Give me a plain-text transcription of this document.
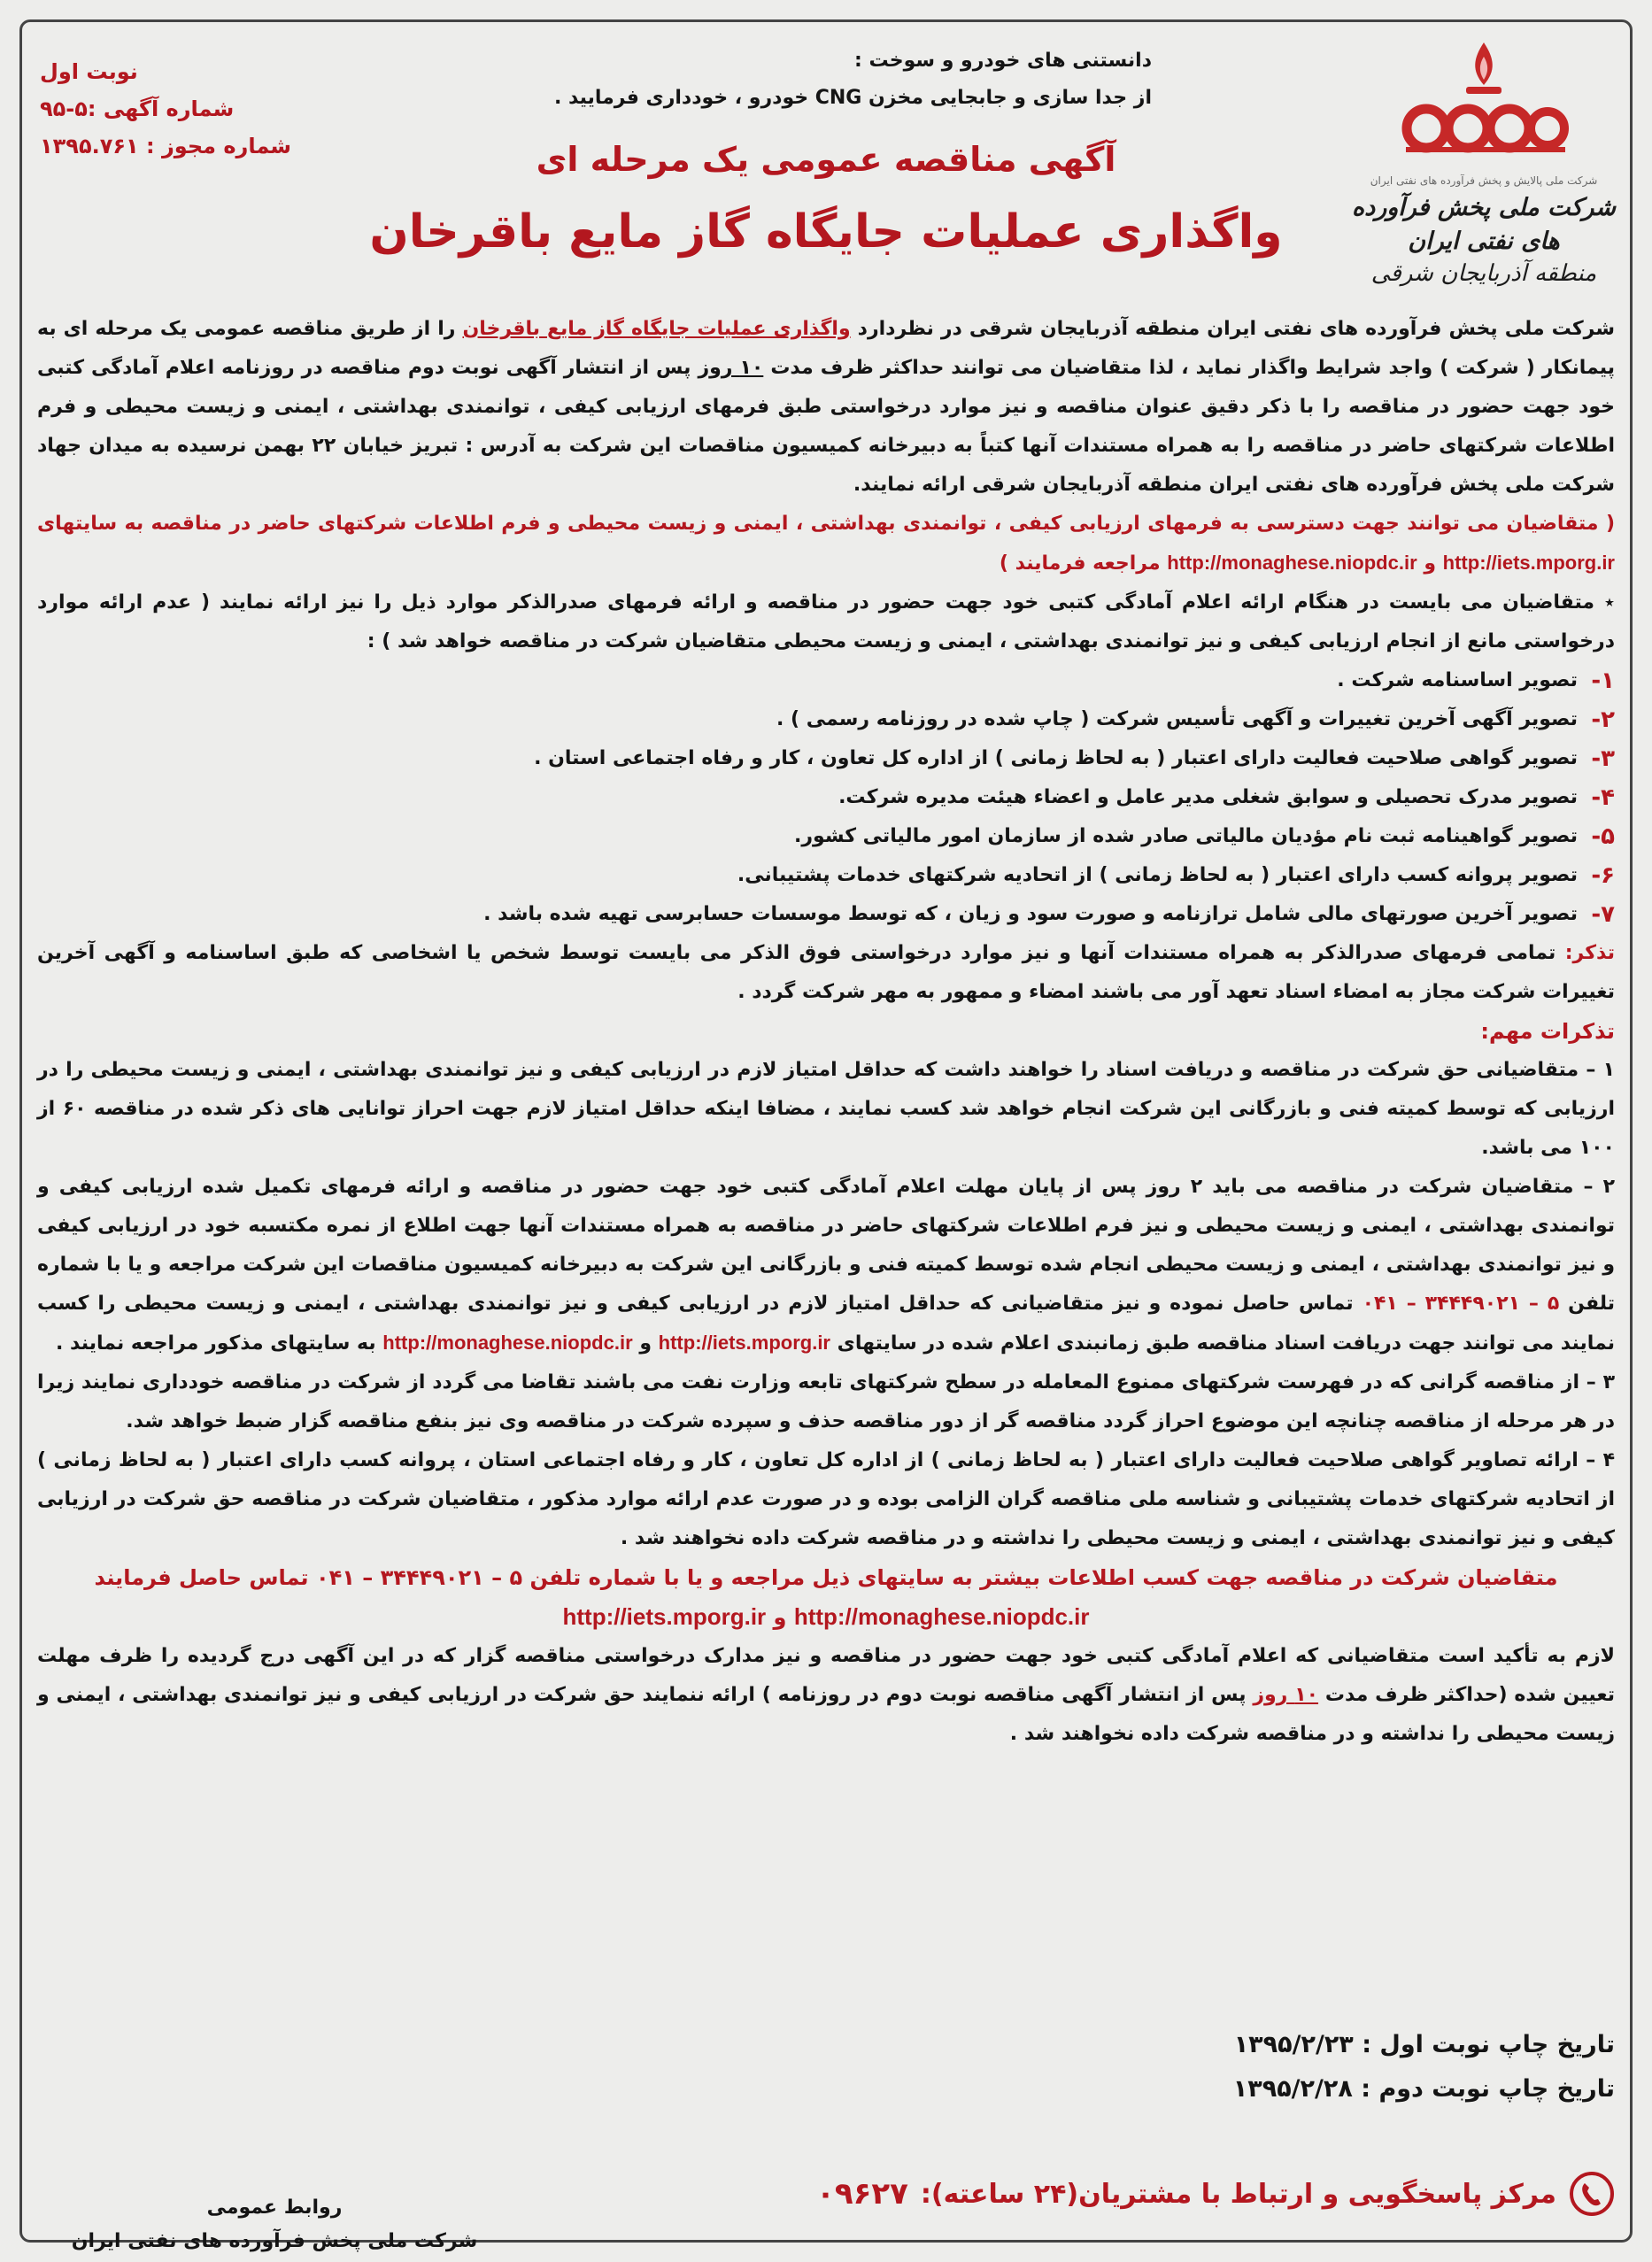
شرکت ملی پالایش و پخش فرآورده های نفتی ایران
شرکت ملی پخش فرآورده های نفتی ایران
منطقه آذربایجان شرقی
دانستنی های خودرو و سوخت :
از جدا سازی و جابجایی مخزن CNG خودرو ، خودداری فرمایید .
نوبت اول
شماره آگهی :۵-۹۵
شماره مجوز : ۱۳۹۵.۷۶۱	آگهی مناقصه عمومی یک مرحله ای
واگذاری عملیات جایگاه گاز مایع باقرخان

شرکت ملی پخش فرآورده های نفتی ایران منطقه آذربایجان شرقی در نظردارد واگذاری عملیات جایگاه گاز مایع باقرخان را از طریق مناقصه عمومی یک مرحله ای به پیمانکار ( شرکت ) واجد شرایط واگذار نماید ، لذا متقاضیان می توانند حداکثر ظرف مدت ۱۰ روز پس از انتشار آگهی نوبت دوم مناقصه در روزنامه اعلام آمادگی کتبی خود جهت حضور در مناقصه را با ذکر دقیق عنوان مناقصه و نیز موارد درخواستی طبق فرمهای ارزیابی کیفی ، توانمندی بهداشتی ، ایمنی و زیست محیطی و فرم اطلاعات شرکتهای حاضر در مناقصه را به همراه مستندات آنها کتباً به دبیرخانه کمیسیون مناقصات این شرکت به آدرس : تبریز خیابان ۲۲ بهمن نرسیده به میدان جهاد شرکت ملی پخش فرآورده های نفتی ایران منطقه آذربایجان شرقی ارائه نمایند.

( متقاضیان می توانند جهت دسترسی به فرمهای ارزیابی کیفی ، توانمندی بهداشتی ، ایمنی و زیست محیطی و فرم اطلاعات شرکتهای حاضر در مناقصه به سایتهای http://iets.mporg.ir و http://monaghese.niopdc.ir مراجعه فرمایند )

٭ متقاضیان می بایست در هنگام ارائه اعلام آمادگی کتبی خود جهت حضور در مناقصه و ارائه فرمهای صدرالذکر موارد ذیل را نیز ارائه نمایند ( عدم ارائه موارد درخواستی مانع از انجام ارزیابی کیفی و نیز توانمندی بهداشتی ، ایمنی و زیست محیطی متقاضیان شرکت در مناقصه خواهد شد ) :

۱-
تصویر اساسنامه شرکت .
۲-
تصویر آگهی آخرین تغییرات و آگهی تأسیس شرکت ( چاپ شده در روزنامه رسمی ) .
۳-
تصویر گواهی صلاحیت فعالیت دارای اعتبار ( به لحاظ زمانی ) از اداره کل تعاون ، کار و رفاه اجتماعی استان .
۴-
تصویر مدرک تحصیلی و سوابق شغلی مدیر عامل و اعضاء هیئت مدیره شرکت.
۵-
تصویر گواهینامه ثبت نام مؤدیان مالیاتی صادر شده از سازمان امور مالیاتی کشور.
۶-
تصویر پروانه کسب دارای اعتبار ( به لحاظ زمانی ) از اتحادیه شرکتهای خدمات پشتیبانی.
۷-
تصویر آخرین صورتهای مالی شامل ترازنامه و صورت سود و زیان ، که توسط موسسات حسابرسی تهیه شده باشد .

تذکر: تمامی فرمهای صدرالذکر به همراه مستندات آنها و نیز موارد درخواستی فوق الذکر می بایست توسط شخص یا اشخاصی که طبق اساسنامه و آگهی آخرین تغییرات شرکت مجاز به امضاء اسناد تعهد آور می باشند امضاء و ممهور به مهر شرکت گردد .

تذکرات مهم:

۱ – متقاضیانی حق شرکت در مناقصه و دریافت اسناد را خواهند داشت که حداقل امتیاز لازم در ارزیابی کیفی و نیز توانمندی بهداشتی ، ایمنی و زیست محیطی را در ارزیابی که توسط کمیته فنی و بازرگانی این شرکت انجام خواهد شد کسب نمایند ، مضافا اینکه حداقل امتیاز لازم جهت احراز توانایی های ذکر شده در مناقصه ۶۰ از ۱۰۰ می باشد.

۲ – متقاضیان شرکت در مناقصه می باید ۲ روز پس از پایان مهلت اعلام آمادگی کتبی خود جهت حضور در مناقصه و ارائه فرمهای تکمیل شده ارزیابی کیفی و توانمندی بهداشتی ، ایمنی و زیست محیطی و نیز فرم اطلاعات شرکتهای حاضر در مناقصه به همراه مستندات آنها جهت اطلاع از نمره مکتسبه خود در ارزیابی کیفی و نیز توانمندی بهداشتی ، ایمنی و زیست محیطی انجام شده توسط کمیته فنی و بازرگانی این شرکت به دبیرخانه کمیسیون مناقصات این شرکت مراجعه و یا با شماره تلفن ۵ – ۳۴۴۴۹۰۲۱ – ۰۴۱ تماس حاصل نموده و نیز متقاضیانی که حداقل امتیاز لازم در ارزیابی کیفی و نیز توانمندی بهداشتی ، ایمنی و زیست محیطی را کسب نمایند می توانند جهت دریافت اسناد مناقصه طبق زمانبندی اعلام شده در سایتهای http://iets.mporg.ir و http://monaghese.niopdc.ir به سایتهای مذکور مراجعه نمایند .

۳ – از مناقصه گرانی که در فهرست شرکتهای ممنوع المعامله در سطح شرکتهای تابعه وزارت نفت می باشند تقاضا می گردد از شرکت در مناقصه خودداری نمایند زیرا در هر مرحله از مناقصه چنانچه این موضوع احراز گردد مناقصه گر از دور مناقصه حذف و سپرده شرکت در مناقصه وی نیز بنفع مناقصه گزار ضبط خواهد شد.

۴ – ارائه تصاویر گواهی صلاحیت فعالیت دارای اعتبار ( به لحاظ زمانی ) از اداره کل تعاون ، کار و رفاه اجتماعی استان ، پروانه کسب دارای اعتبار ( به لحاظ زمانی ) از اتحادیه شرکتهای خدمات پشتیبانی و شناسه ملی مناقصه گران الزامی بوده و در صورت عدم ارائه موارد مذکور ، متقاضیان شرکت در مناقصه حق شرکت در ارزیابی کیفی و نیز توانمندی بهداشتی ، ایمنی و زیست محیطی را نداشته و در مناقصه شرکت داده نخواهند شد .

متقاضیان شرکت در مناقصه جهت کسب اطلاعات بیشتر به سایتهای ذیل مراجعه و یا با شماره تلفن ۵ – ۳۴۴۴۹۰۲۱ – ۰۴۱ تماس حاصل فرمایند

http://monaghese.niopdc.ir و http://iets.mporg.ir

لازم به تأکید است متقاضیانی که اعلام آمادگی کتبی خود جهت حضور در مناقصه و نیز مدارک درخواستی مناقصه گزار که در این آگهی درج گردیده را ظرف مهلت تعیین شده (حداکثر ظرف مدت ۱۰ روز پس از انتشار آگهی مناقصه نوبت دوم در روزنامه ) ارائه ننمایند حق شرکت در ارزیابی کیفی و نیز توانمندی بهداشتی ، ایمنی و زیست محیطی را نداشته و در مناقصه شرکت داده نخواهند شد .

تاریخ چاپ نوبت اول : ۱۳۹۵/۲/۲۳
تاریخ چاپ نوبت دوم : ۱۳۹۵/۲/۲۸
روابط عمومی
شرکت ملی پخش فرآورده های نفتی ایران
مرکز پاسخگویی و ارتباط با مشتریان(۲۴ ساعته):
۰۹۶۲۷
